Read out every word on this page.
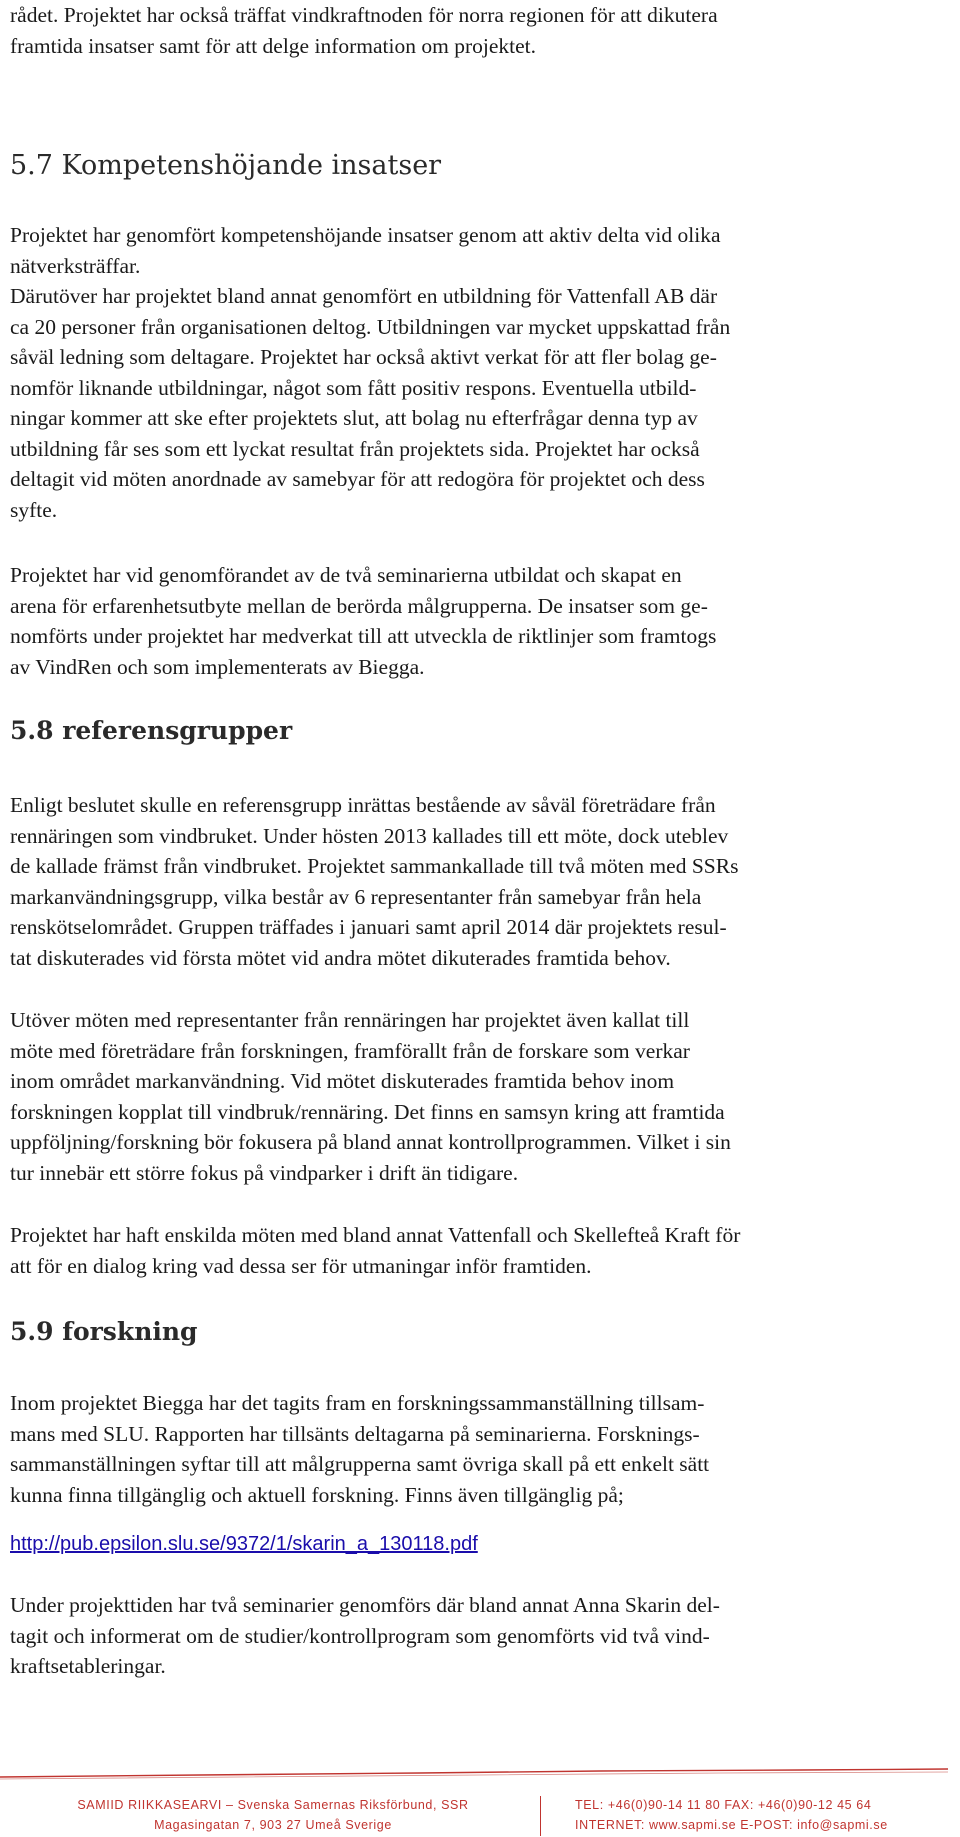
rådet. Projektet har också träffat vindkraftnoden för norra regionen för att dikutera
framtida insatser samt för att delge information om projektet.
5.7 Kompetenshöjande insatser
Projektet har genomfört kompetenshöjande insatser genom att aktiv delta vid olika
nätverksträffar.
Därutöver har projektet bland annat genomfört en utbildning för Vattenfall AB där
ca 20 personer från organisationen deltog. Utbildningen var mycket uppskattad från
såväl ledning som deltagare. Projektet har också aktivt verkat för att fler bolag ge-
nomför liknande utbildningar, något som fått positiv respons. Eventuella utbild-
ningar kommer att ske efter projektets slut, att bolag nu efterfrågar denna typ av
utbildning får ses som ett lyckat resultat från projektets sida. Projektet har också
deltagit vid möten anordnade av samebyar för att redogöra för projektet och dess
syfte.
Projektet har vid genomförandet av de två seminarierna utbildat och skapat en
arena för erfarenhetsutbyte mellan de berörda målgrupperna. De insatser som ge-
nomförts under projektet har medverkat till att utveckla de riktlinjer som framtogs
av VindRen och som implementerats av Biegga.
5.8 referensgrupper
Enligt beslutet skulle en referensgrupp inrättas bestående av såväl företrädare från
rennäringen som vindbruket. Under hösten 2013 kallades till ett möte, dock uteblev
de kallade främst från vindbruket. Projektet sammankallade till två möten med SSRs
markanvändningsgrupp, vilka består av 6 representanter från samebyar från hela
renskötselområdet. Gruppen träffades i januari samt april 2014 där projektets resul-
tat diskuterades vid första mötet vid andra mötet dikuterades framtida behov.
Utöver möten med representanter från rennäringen har projektet även kallat till
möte med företrädare från forskningen, framförallt från de forskare som verkar
inom området markanvändning. Vid mötet diskuterades framtida behov inom
forskningen kopplat till vindbruk/rennäring. Det finns en samsyn kring att framtida
uppföljning/forskning bör fokusera på bland annat kontrollprogrammen. Vilket i sin
tur innebär ett större fokus på vindparker i drift än tidigare.
Projektet har haft enskilda möten med bland annat Vattenfall och Skellefteå Kraft för
att för en dialog kring vad dessa ser för utmaningar inför framtiden.
5.9 forskning
Inom projektet Biegga har det tagits fram en forskningssammanställning tillsam-
mans med SLU. Rapporten har tillsänts deltagarna på seminarierna. Forsknings-
sammanställningen syftar till att målgrupperna samt övriga skall på ett enkelt sätt
kunna finna tillgänglig och aktuell forskning. Finns även tillgänglig på;
http://pub.epsilon.slu.se/9372/1/skarin_a_130118.pdf
Under projekttiden har två seminarier genomförs där bland annat Anna Skarin del-
tagit och informerat om de studier/kontrollprogram som genomförts vid två vind-
kraftsetableringar.
SAMIID RIIKKASEARVI – Svenska Samernas Riksförbund, SSR
Magasingatan 7, 903 27 Umeå Sverige
TEL: +46(0)90-14 11 80 FAX: +46(0)90-12 45 64
INTERNET: www.sapmi.se E-POST: info@sapmi.se
